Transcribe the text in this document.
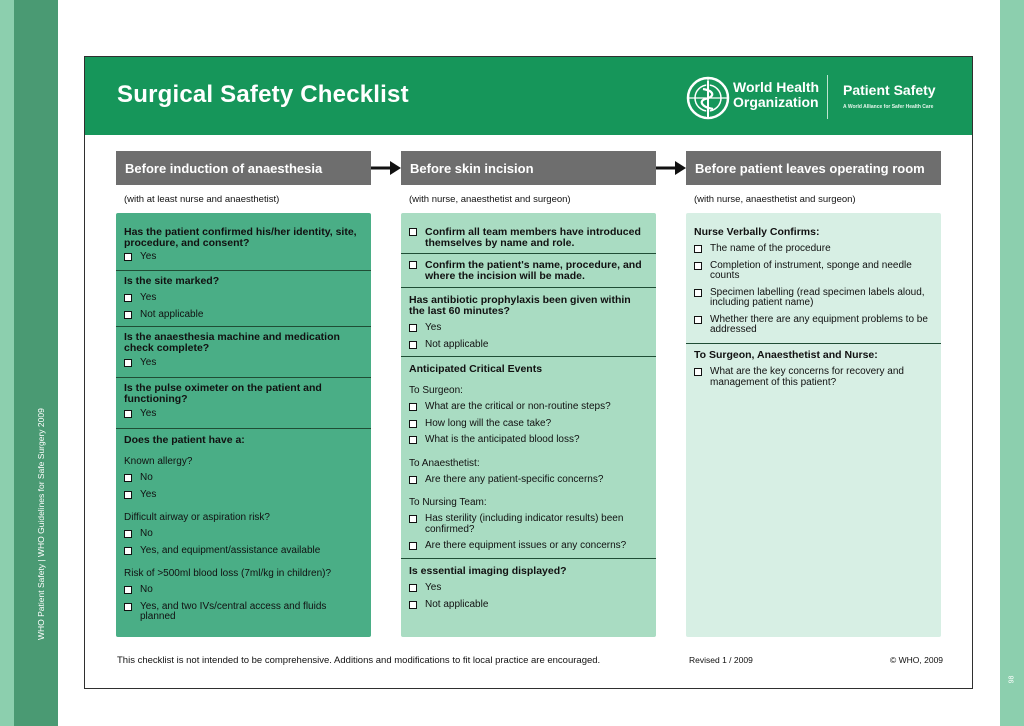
WHO Patient Safety | WHO Guidelines for Safe Surgery 2009
98
Surgical Safety Checklist	World Health
Organization
Patient Safety
A World Alliance for Safer Health Care
Before induction of anaesthesia	Before skin incision	Before patient leaves operating room
(with at least nurse and anaesthetist)	(with nurse, anaesthetist and surgeon)	(with nurse, anaesthetist and surgeon)
Has the patient confirmed his/her identity, site, procedure, and consent?
Yes
Is the site marked?
Yes
Not applicable
Is the anaesthesia machine and medication check complete?
Yes
Is the pulse oximeter on the patient and functioning?
Yes
Does the patient have a:
Known allergy?
No
Yes
Difficult airway or aspiration risk?
No
Yes, and equipment/assistance available
Risk of >500ml blood loss (7ml/kg in children)?
No
Yes, and two IVs/central access and fluids planned
Confirm all team members have introduced themselves by name and role.
Confirm the patient's name, procedure, and where the incision will be made.
Has antibiotic prophylaxis been given within the last 60 minutes?
Yes
Not applicable
Anticipated Critical Events
To Surgeon:
What are the critical or non-routine steps?
How long will the case take?
What is the anticipated blood loss?
To Anaesthetist:
Are there any patient-specific concerns?
To Nursing Team:
Has sterility (including indicator results) been confirmed?
Are there equipment issues or any concerns?
Is essential imaging displayed?
Yes
Not applicable
Nurse Verbally Confirms:
The name of the procedure
Completion of instrument, sponge and needle counts
Specimen labelling (read specimen labels aloud, including patient name)
Whether there are any equipment problems to be addressed
To Surgeon, Anaesthetist and Nurse:
What are the key concerns for recovery and management of this patient?
This checklist is not intended to be comprehensive. Additions and modifications to fit local practice are encouraged.	Revised 1 / 2009	© WHO, 2009
